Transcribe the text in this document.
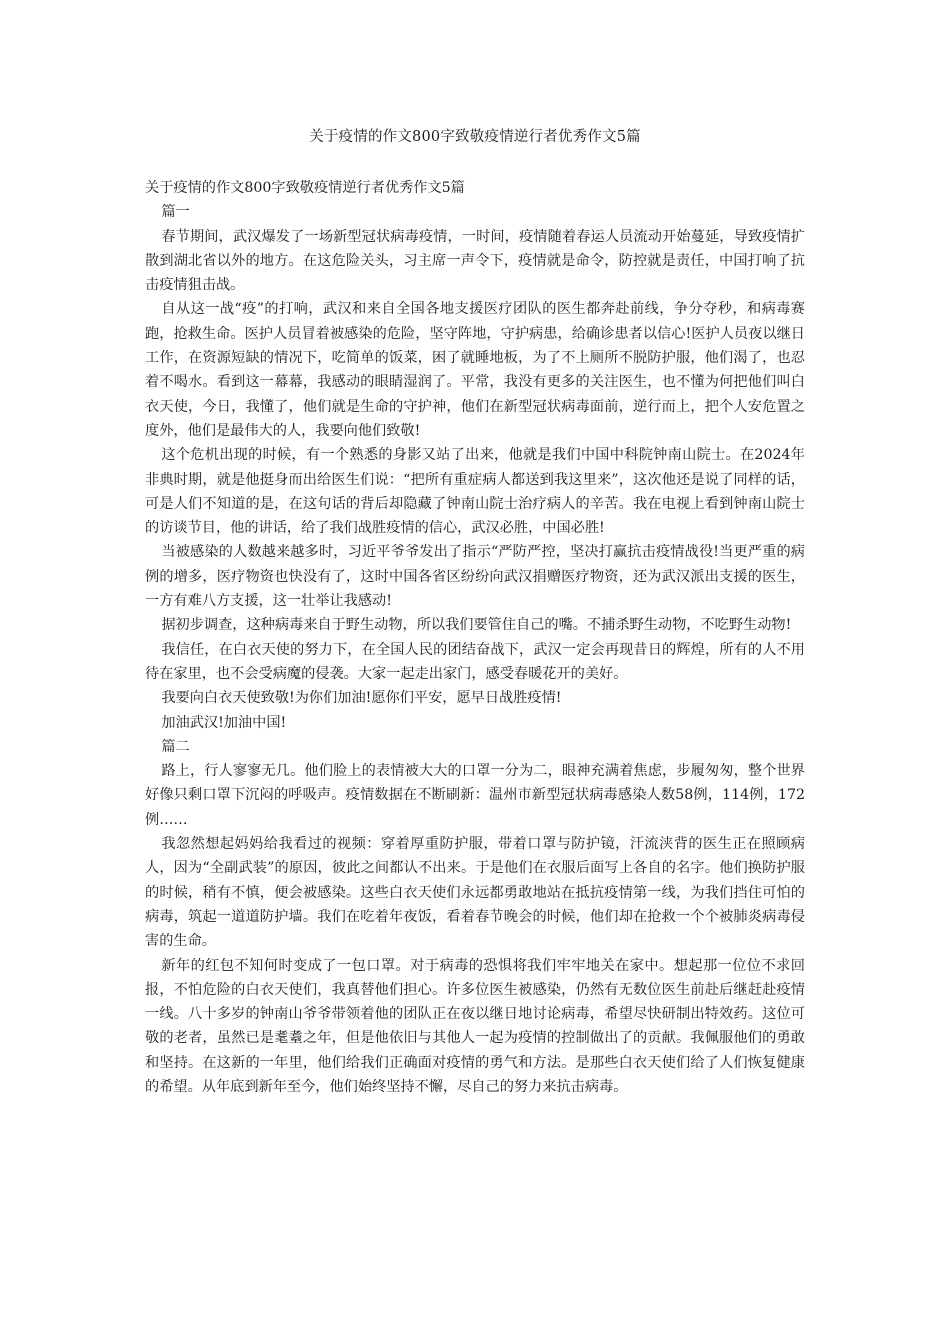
关于疫情的作文800字致敬疫情逆行者优秀作文5篇

关于疫情的作文800字致敬疫情逆行者优秀作文5篇

篇一

春节期间，武汉爆发了一场新型冠状病毒疫情，一时间，疫情随着春运人员流动开始蔓延，导致疫情扩散到湖北省以外的地方。在这危险关头，习主席一声令下，疫情就是命令，防控就是责任，中国打响了抗击疫情狙击战。

自从这一战“疫”的打响，武汉和来自全国各地支援医疗团队的医生都奔赴前线，争分夺秒，和病毒赛跑，抢救生命。医护人员冒着被感染的危险，坚守阵地，守护病患，给确诊患者以信心!医护人员夜以继日工作，在资源短缺的情况下，吃简单的饭菜，困了就睡地板，为了不上厕所不脱防护服，他们渴了，也忍着不喝水。看到这一幕幕，我感动的眼睛湿润了。平常，我没有更多的关注医生，也不懂为何把他们叫白衣天使，今日，我懂了，他们就是生命的守护神，他们在新型冠状病毒面前，逆行而上，把个人安危置之度外，他们是最伟大的人，我要向他们致敬!

这个危机出现的时候，有一个熟悉的身影又站了出来，他就是我们中国中科院钟南山院士。在2024年非典时期，就是他挺身而出给医生们说：“把所有重症病人都送到我这里来”，这次他还是说了同样的话，可是人们不知道的是，在这句话的背后却隐藏了钟南山院士治疗病人的辛苦。我在电视上看到钟南山院士的访谈节目，他的讲话，给了我们战胜疫情的信心，武汉必胜，中国必胜!

当被感染的人数越来越多时，习近平爷爷发出了指示“严防严控，坚决打赢抗击疫情战役!当更严重的病例的增多，医疗物资也快没有了，这时中国各省区纷纷向武汉捐赠医疗物资，还为武汉派出支援的医生，一方有难八方支援，这一壮举让我感动!

据初步调查，这种病毒来自于野生动物，所以我们要管住自己的嘴。不捕杀野生动物，不吃野生动物!

我信任，在白衣天使的努力下，在全国人民的团结奋战下，武汉一定会再现昔日的辉煌，所有的人不用待在家里，也不会受病魔的侵袭。大家一起走出家门，感受春暖花开的美好。

我要向白衣天使致敬!为你们加油!愿你们平安，愿早日战胜疫情!

加油武汉!加油中国!

篇二

路上，行人寥寥无几。他们脸上的表情被大大的口罩一分为二，眼神充满着焦虑，步履匆匆，整个世界好像只剩口罩下沉闷的呼吸声。疫情数据在不断刷新：温州市新型冠状病毒感染人数58例，114例，172例……

我忽然想起妈妈给我看过的视频：穿着厚重防护服，带着口罩与防护镜，汗流浃背的医生正在照顾病人，因为“全副武装”的原因，彼此之间都认不出来。于是他们在衣服后面写上各自的名字。他们换防护服的时候，稍有不慎，便会被感染。这些白衣天使们永远都勇敢地站在抵抗疫情第一线，为我们挡住可怕的病毒，筑起一道道防护墙。我们在吃着年夜饭，看着春节晚会的时候，他们却在抢救一个个被肺炎病毒侵害的生命。

新年的红包不知何时变成了一包口罩。对于病毒的恐惧将我们牢牢地关在家中。想起那一位位不求回报，不怕危险的白衣天使们，我真替他们担心。许多位医生被感染，仍然有无数位医生前赴后继赶赴疫情一线。八十多岁的钟南山爷爷带领着他的团队正在夜以继日地讨论病毒，希望尽快研制出特效药。这位可敬的老者，虽然已是耄耋之年，但是他依旧与其他人一起为疫情的控制做出了的贡献。我佩服他们的勇敢和坚持。在这新的一年里，他们给我们正确面对疫情的勇气和方法。是那些白衣天使们给了人们恢复健康的希望。从年底到新年至今，他们始终坚持不懈，尽自己的努力来抗击病毒。
